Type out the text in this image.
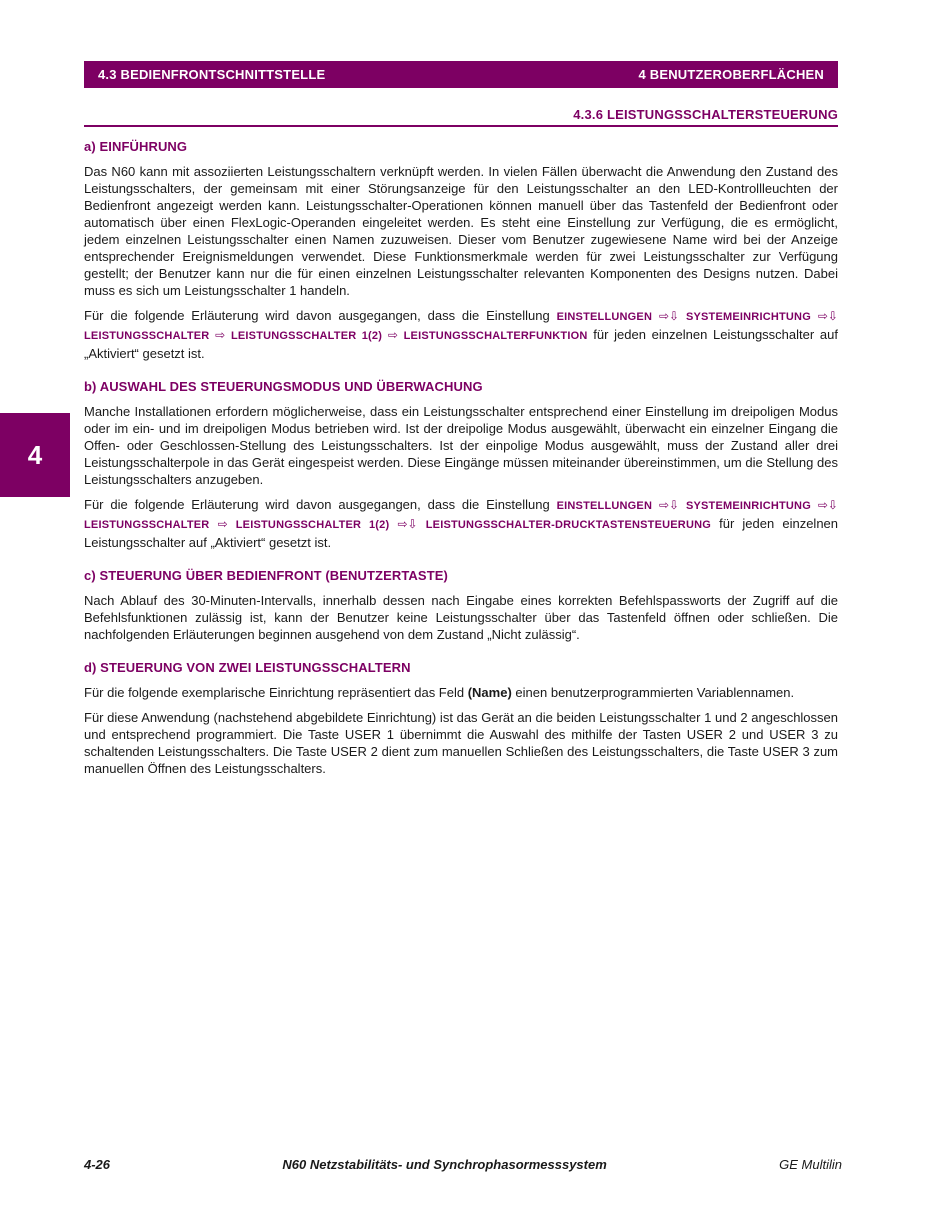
4.3 BEDIENFRONTSCHNITTSTELLE	4 BENUTZEROBERFLÄCHEN
4.3.6 LEISTUNGSSCHALTERSTEUERUNG
4
a) EINFÜHRUNG

Das N60 kann mit assoziierten Leistungsschaltern verknüpft werden. In vielen Fällen überwacht die Anwendung den Zustand des Leistungsschalters, der gemeinsam mit einer Störungsanzeige für den Leistungsschalter an den LED-Kontrollleuchten der Bedienfront angezeigt werden kann. Leistungsschalter-Operationen können manuell über das Tastenfeld der Bedienfront oder automatisch über einen FlexLogic-Operanden eingeleitet werden. Es steht eine Einstellung zur Verfügung, die es ermöglicht, jedem einzelnen Leistungsschalter einen Namen zuzuweisen. Dieser vom Benutzer zugewiesene Name wird bei der Anzeige entsprechender Ereignismeldungen verwendet. Diese Funktionsmerkmale werden für zwei Leistungsschalter zur Verfügung gestellt; der Benutzer kann nur die für einen einzelnen Leistungsschalter relevanten Komponenten des Designs nutzen. Dabei muss es sich um Leistungsschalter 1 handeln.

Für die folgende Erläuterung wird davon ausgegangen, dass die Einstellung EINSTELLUNGEN ⇨⇩ SYSTEMEINRICHTUNG ⇨⇩ LEISTUNGSSCHALTER ⇨ LEISTUNGSSCHALTER 1(2) ⇨ LEISTUNGSSCHALTERFUNKTION für jeden einzelnen Leistungsschalter auf „Aktiviert“ gesetzt ist.

b) AUSWAHL DES STEUERUNGSMODUS UND ÜBERWACHUNG

Manche Installationen erfordern möglicherweise, dass ein Leistungsschalter entsprechend einer Einstellung im dreipoligen Modus oder im ein- und im dreipoligen Modus betrieben wird. Ist der dreipolige Modus ausgewählt, überwacht ein einzelner Eingang die Offen- oder Geschlossen-Stellung des Leistungsschalters. Ist der einpolige Modus ausgewählt, muss der Zustand aller drei Leistungsschalterpole in das Gerät eingespeist werden. Diese Eingänge müssen miteinander übereinstimmen, um die Stellung des Leistungsschalters anzugeben.

Für die folgende Erläuterung wird davon ausgegangen, dass die Einstellung EINSTELLUNGEN ⇨⇩ SYSTEMEINRICHTUNG ⇨⇩ LEISTUNGSSCHALTER ⇨ LEISTUNGSSCHALTER 1(2) ⇨⇩ LEISTUNGSSCHALTER-DRUCKTASTENSTEUERUNG für jeden einzelnen Leistungsschalter auf „Aktiviert“ gesetzt ist.

c) STEUERUNG ÜBER BEDIENFRONT (BENUTZERTASTE)

Nach Ablauf des 30-Minuten-Intervalls, innerhalb dessen nach Eingabe eines korrekten Befehlspassworts der Zugriff auf die Befehlsfunktionen zulässig ist, kann der Benutzer keine Leistungsschalter über das Tastenfeld öffnen oder schließen. Die nachfolgenden Erläuterungen beginnen ausgehend von dem Zustand „Nicht zulässig“.

d) STEUERUNG VON ZWEI LEISTUNGSSCHALTERN

Für die folgende exemplarische Einrichtung repräsentiert das Feld (Name) einen benutzerprogrammierten Variablennamen.

Für diese Anwendung (nachstehend abgebildete Einrichtung) ist das Gerät an die beiden Leistungsschalter 1 und 2 angeschlossen und entsprechend programmiert. Die Taste USER 1 übernimmt die Auswahl des mithilfe der Tasten USER 2 und USER 3 zu schaltenden Leistungsschalters. Die Taste USER 2 dient zum manuellen Schließen des Leistungsschalters, die Taste USER 3 zum manuellen Öffnen des Leistungsschalters.

4-26	N60 Netzstabilitäts- und Synchrophasormesssystem	GE Multilin
